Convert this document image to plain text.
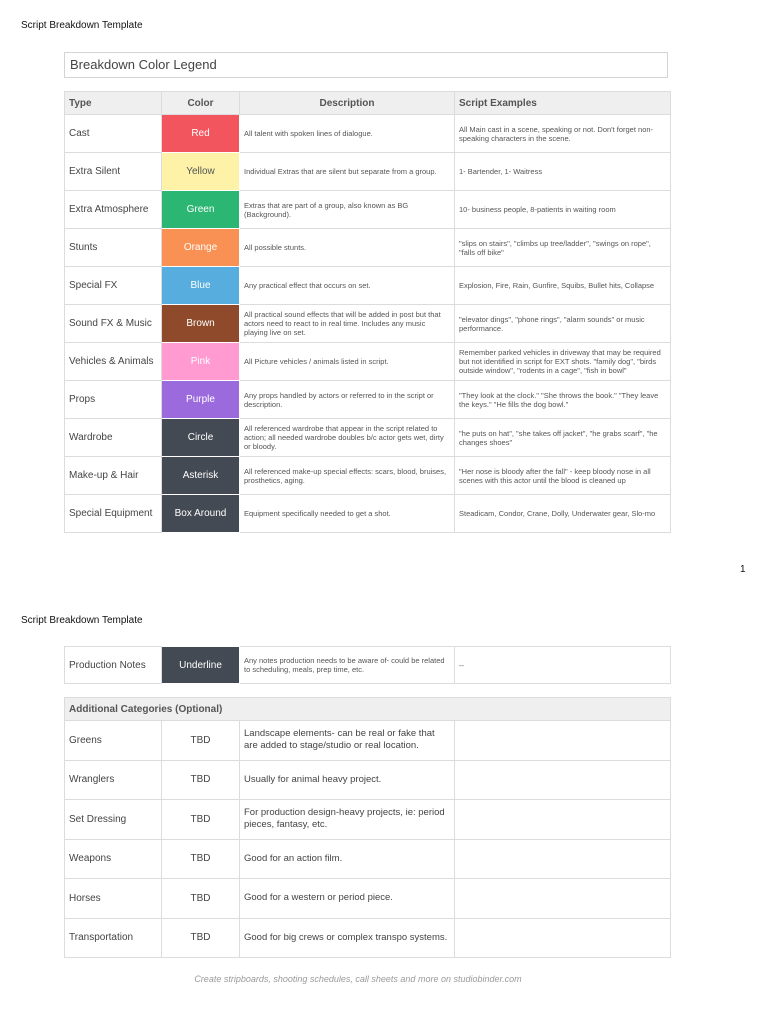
Script Breakdown Template
Breakdown Color Legend
Type	Color	Description	Script Examples
Cast	Red	All talent with spoken lines of dialogue.	All Main cast in a scene, speaking or not. Don't forget non-speaking characters in the scene.
Extra Silent	Yellow	Individual Extras that are silent but separate from a group.	1- Bartender, 1- Waitress
Extra Atmosphere	Green	Extras that are part of a group, also known as BG (Background).	10- business people, 8-patients in waiting room
Stunts	Orange	All possible stunts.	"slips on stairs", "climbs up tree/ladder", "swings on rope", "falls off bike"
Special FX	Blue	Any practical effect that occurs on set.	Explosion, Fire, Rain, Gunfire, Squibs, Bullet hits, Collapse
Sound FX & Music	Brown	All practical sound effects that will be added in post but that actors need to react to in real time. Includes any music playing live on set.	"elevator dings", "phone rings", "alarm sounds" or music performance.
Vehicles & Animals	Pink	All Picture vehicles / animals listed in script.	Remember parked vehicles in driveway that may be required but not identified in script for EXT shots. "family dog", "birds outside window", "rodents in a cage", "fish in bowl"
Props	Purple	Any props handled by actors or referred to in the script or description.	"They look at the clock." "She throws the book." "They leave the keys." "He fills the dog bowl."
Wardrobe	Circle	All referenced wardrobe that appear in the script related to action; all needed wardrobe doubles b/c actor gets wet, dirty or bloody.	"he puts on hat", "she takes off jacket", "he grabs scarf", "he changes shoes"
Make-up & Hair	Asterisk	All referenced make-up special effects: scars, blood, bruises, prosthetics, aging.	"Her nose is bloody after the fall" - keep bloody nose in all scenes with this actor until the blood is cleaned up
Special Equipment	Box Around	Equipment specifically needed to get a shot.	Steadicam, Condor, Crane, Dolly, Underwater gear, Slo-mo
1
Script Breakdown Template
Production Notes	Underline	Any notes production needs to be aware of- could be related to scheduling, meals, prep time, etc.	--
Additional Categories (Optional)			
Greens	TBD	Landscape elements- can be real or fake that are added to stage/studio or real location.	
Wranglers	TBD	Usually for animal heavy project.	
Set Dressing	TBD	For production design-heavy projects, ie: period pieces, fantasy, etc.	
Weapons	TBD	Good for an action film.	
Horses	TBD	Good for a western or period piece.	
Transportation	TBD	Good for big crews or complex transpo systems.	
Create stripboards, shooting schedules, call sheets and more on studiobinder.com
